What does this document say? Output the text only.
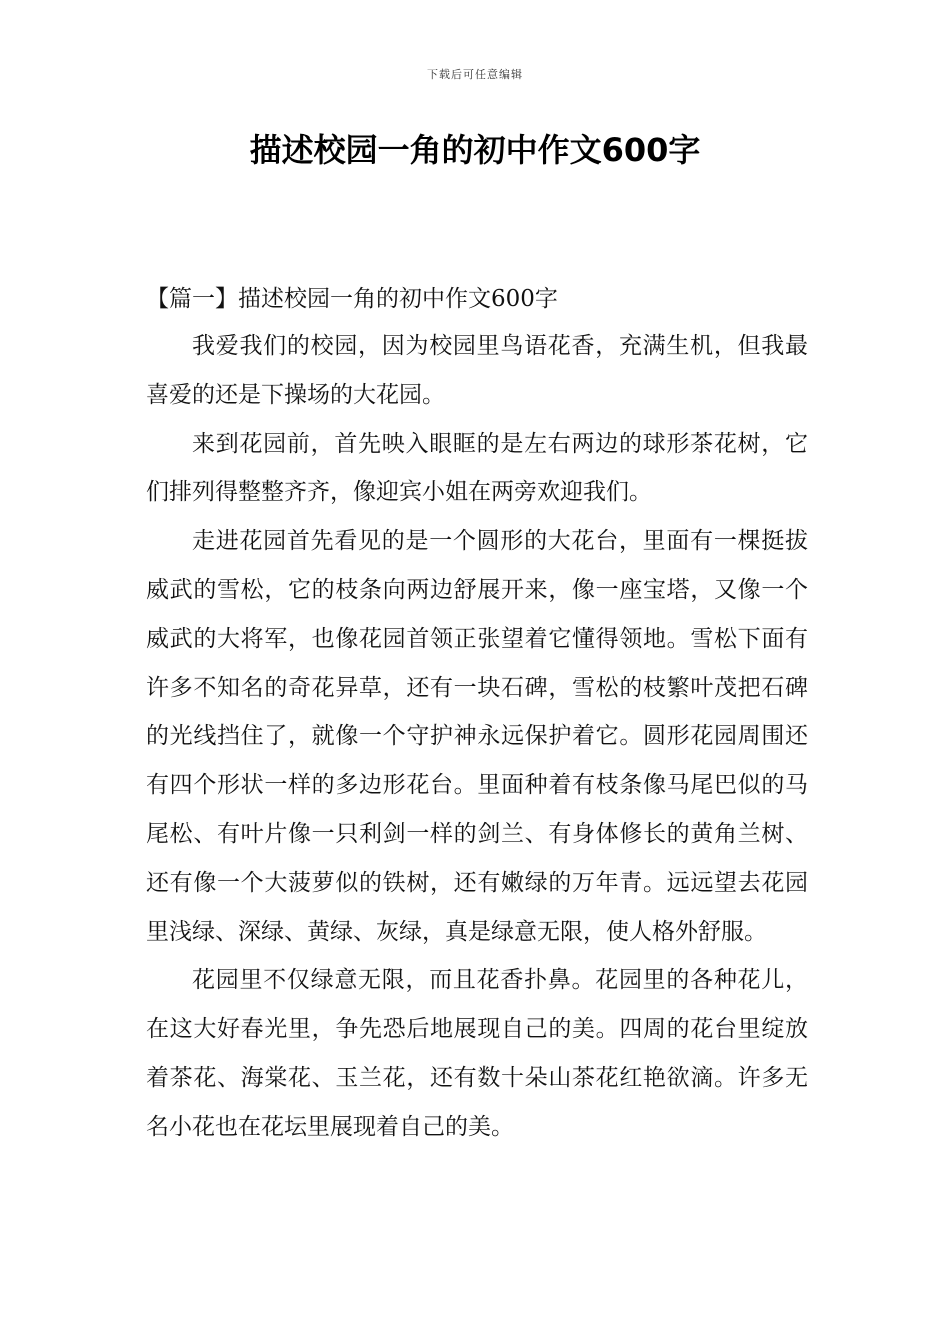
下载后可任意编辑
描述校园一角的初中作文600字

【篇一】描述校园一角的初中作文600字

我爱我们的校园，因为校园里鸟语花香，充满生机，但我最喜爱的还是下操场的大花园。

来到花园前，首先映入眼眶的是左右两边的球形茶花树，它们排列得整整齐齐，像迎宾小姐在两旁欢迎我们。

走进花园首先看见的是一个圆形的大花台，里面有一棵挺拔威武的雪松，它的枝条向两边舒展开来，像一座宝塔，又像一个威武的大将军，也像花园首领正张望着它懂得领地。雪松下面有许多不知名的奇花异草，还有一块石碑，雪松的枝繁叶茂把石碑的光线挡住了，就像一个守护神永远保护着它。圆形花园周围还有四个形状一样的多边形花台。里面种着有枝条像马尾巴似的马尾松、有叶片像一只利剑一样的剑兰、有身体修长的黄角兰树、还有像一个大菠萝似的铁树，还有嫩绿的万年青。远远望去花园里浅绿、深绿、黄绿、灰绿，真是绿意无限，使人格外舒服。

花园里不仅绿意无限，而且花香扑鼻。花园里的各种花儿，在这大好春光里，争先恐后地展现自己的美。四周的花台里绽放着茶花、海棠花、玉兰花，还有数十朵山茶花红艳欲滴。许多无名小花也在花坛里展现着自己的美。
